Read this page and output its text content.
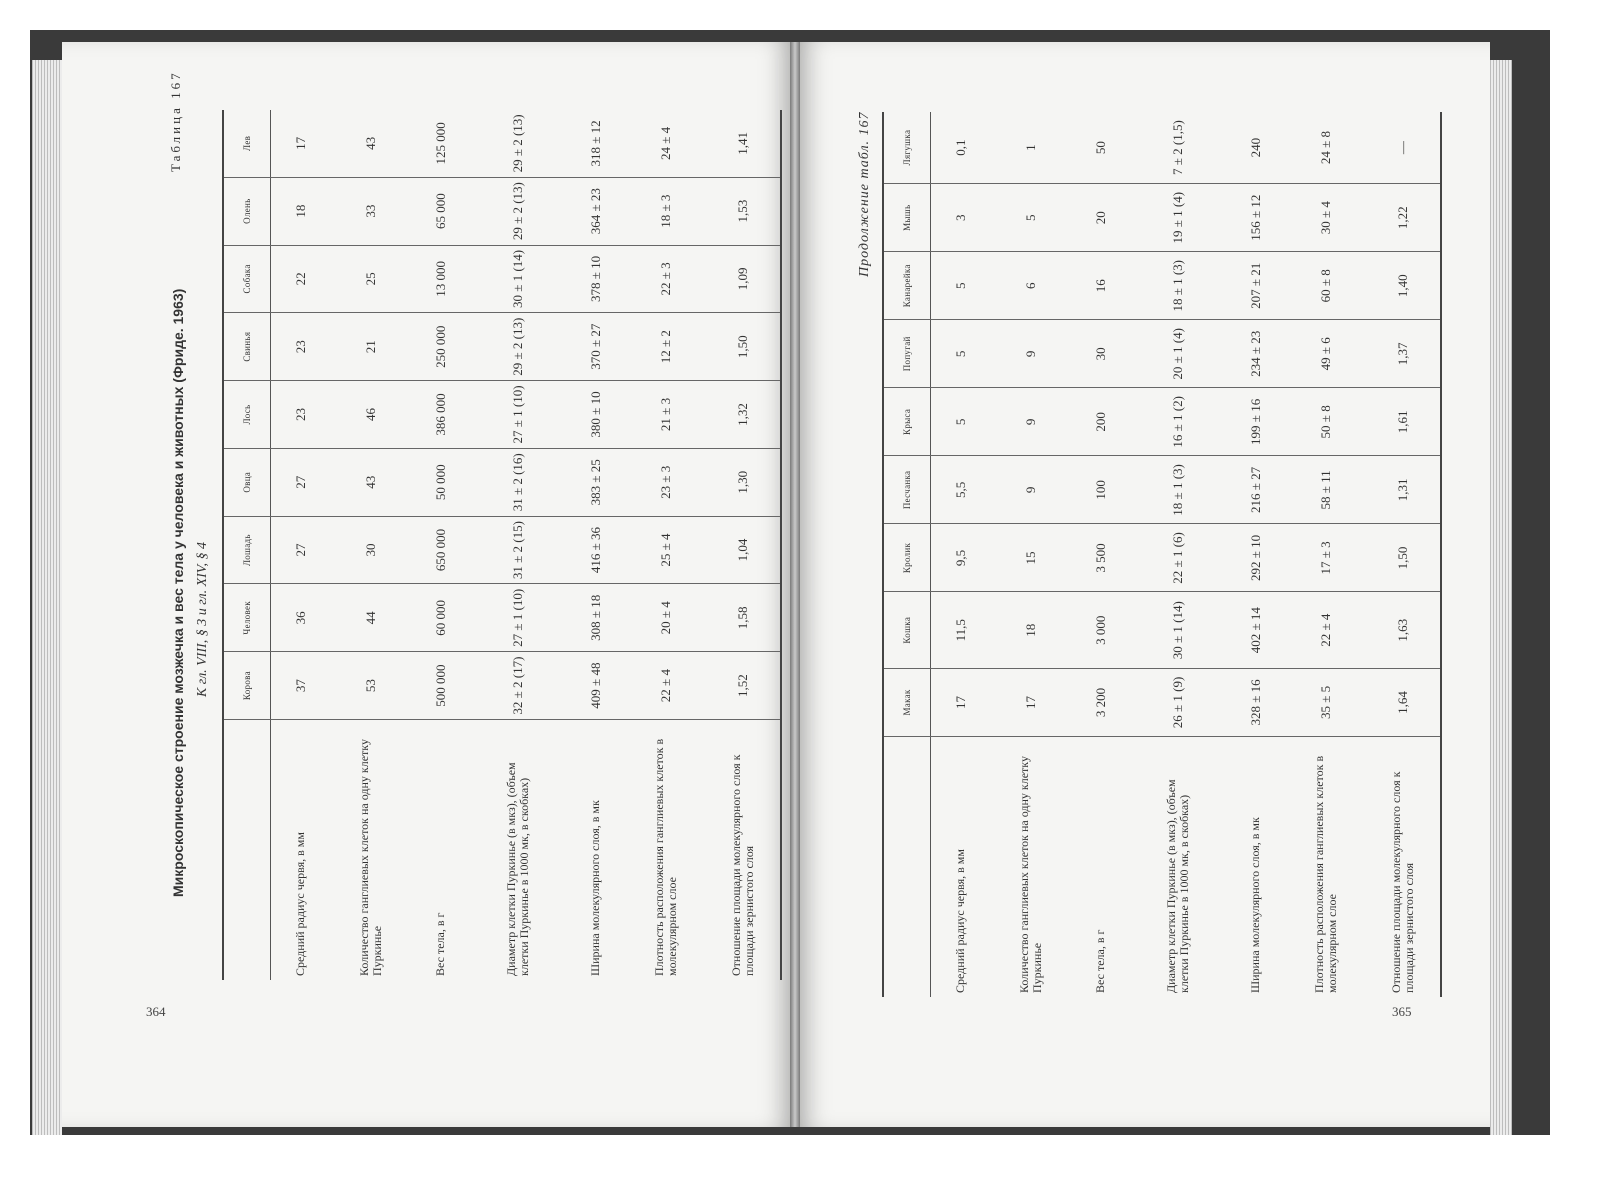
364
Таблица 167
Микроскопическое строение мозжечка и вес тела у человека и животных (Фриде. 1963) К гл. VIII, § 3 и гл. XIV, § 4
		Корова	Человек	Лошадь	Овца	Лось	Свинья	Собака	Олень	Лев
Средний радиус червя, в мм	37	36	27	27	23	23	22	18	17
Количество ганглиевых клеток на одну клетку Пуркинье	53	44	30	43	46	21	25	33	43
Вес тела, в г	500 000	60 000	650 000	50 000	386 000	250 000	13 000	65 000	125 000
Диаметр клетки Пуркинье (в мкз), (объем клетки Пуркинье в 1000 мк, в скобках)	32 ± 2 (17)	27 ± 1 (10)	31 ± 2 (15)	31 ± 2 (16)	27 ± 1 (10)	29 ± 2 (13)	30 ± 1 (14)	29 ± 2 (13)	29 ± 2 (13)
Ширина молекулярного слоя, в мк	409 ± 48	308 ± 18	416 ± 36	383 ± 25	380 ± 10	370 ± 27	378 ± 10	364 ± 23	318 ± 12
Плотность расположения ганглиевых клеток в молекулярном слое	22 ± 4	20 ± 4	25 ± 4	23 ± 3	21 ± 3	12 ± 2	22 ± 3	18 ± 3	24 ± 4
Отношение площади молекулярного слоя к площади зернистого слоя	1,52	1,58	1,04	1,30	1,32	1,50	1,09	1,53	1,41
365
Продолжение табл. 167
	Макак	Кошка	Кролик	Песчанка	Крыса	Попугай	Канарейка	Мышь	Лягушка
Средний радиус червя, в мм	17	11,5	9,5	5,5	5	5	5	3	0,1
Количество ганглиевых клеток на одну клетку Пуркинье	17	18	15	9	9	9	6	5	1
Вес тела, в г	3 200	3 000	3 500	100	200	30	16	20	50
Диаметр клетки Пуркинье (в мкз), (объем клетки Пуркинье в 1000 мк, в скобках)	26 ± 1 (9)	30 ± 1 (14)	22 ± 1 (6)	18 ± 1 (3)	16 ± 1 (2)	20 ± 1 (4)	18 ± 1 (3)	19 ± 1 (4)	7 ± 2 (1,5)
Ширина молекулярного слоя, в мк	328 ± 16	402 ± 14	292 ± 10	216 ± 27	199 ± 16	234 ± 23	207 ± 21	156 ± 12	240
Плотность расположения ганглиевых клеток в молекулярном слое	35 ± 5	22 ± 4	17 ± 3	58 ± 11	50 ± 8	49 ± 6	60 ± 8	30 ± 4	24 ± 8
Отношение площади молекулярного слоя к площади зернистого слоя	1,64	1,63	1,50	1,31	1,61	1,37	1,40	1,22	—
